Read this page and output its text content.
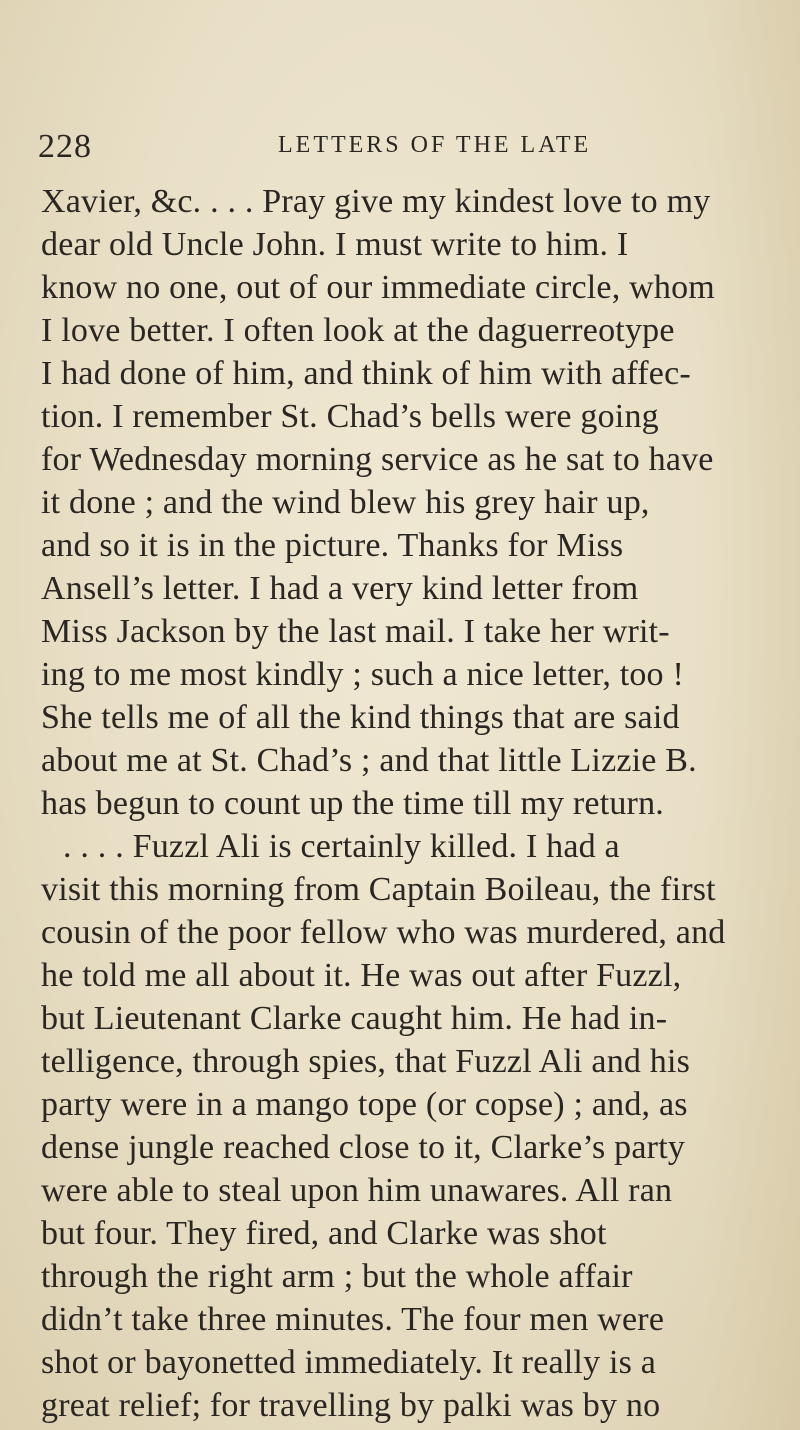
228	LETTERS OF THE LATE
Xavier, &c. . . . Pray give my kindest love to my
dear old Uncle John. I must write to him. I
know no one, out of our immediate circle, whom
I love better. I often look at the daguerreotype
I had done of him, and think of him with affec-
tion. I remember St. Chad’s bells were going
for Wednesday morning service as he sat to have
it done ; and the wind blew his grey hair up,
and so it is in the picture. Thanks for Miss
Ansell’s letter. I had a very kind letter from
Miss Jackson by the last mail. I take her writ-
ing to me most kindly ; such a nice letter, too !
She tells me of all the kind things that are said
about me at St. Chad’s ; and that little Lizzie B.
has begun to count up the time till my return.
. . . . Fuzzl Ali is certainly killed. I had a
visit this morning from Captain Boileau, the first
cousin of the poor fellow who was murdered, and
he told me all about it. He was out after Fuzzl,
but Lieutenant Clarke caught him. He had in-
telligence, through spies, that Fuzzl Ali and his
party were in a mango tope (or copse) ; and, as
dense jungle reached close to it, Clarke’s party
were able to steal upon him unawares. All ran
but four. They fired, and Clarke was shot
through the right arm ; but the whole affair
didn’t take three minutes. The four men were
shot or bayonetted immediately. It really is a
great relief; for travelling by palki was by no
